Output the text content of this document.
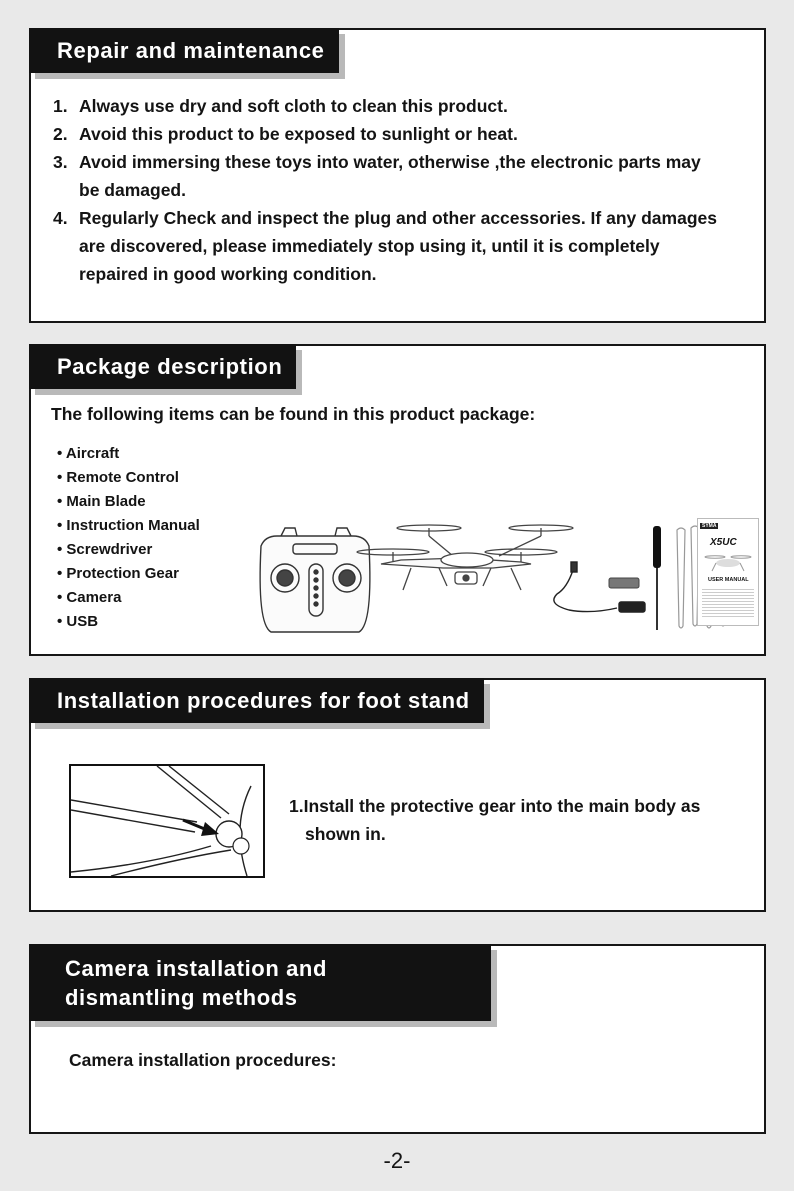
Repair and maintenance
1. Always use dry and soft cloth to clean this product.
2. Avoid this product to be exposed to sunlight or heat.
3. Avoid immersing these toys into water, otherwise ,the electronic parts may be damaged.
4. Regularly Check and inspect the plug and other accessories. If any damages are discovered, please immediately stop using it, until it is completely repaired in good working condition.
Package description
The following items can be found in this product package:
• Aircraft
• Remote Control
• Main Blade
• Instruction Manual
• Screwdriver
• Protection Gear
• Camera
• USB
SYMA
X5UC
USER MANUAL
Installation procedures for foot stand
1.Install the protective gear into the main body as shown in.
Camera installation and
dismantling methods
Camera installation procedures:
-2-
